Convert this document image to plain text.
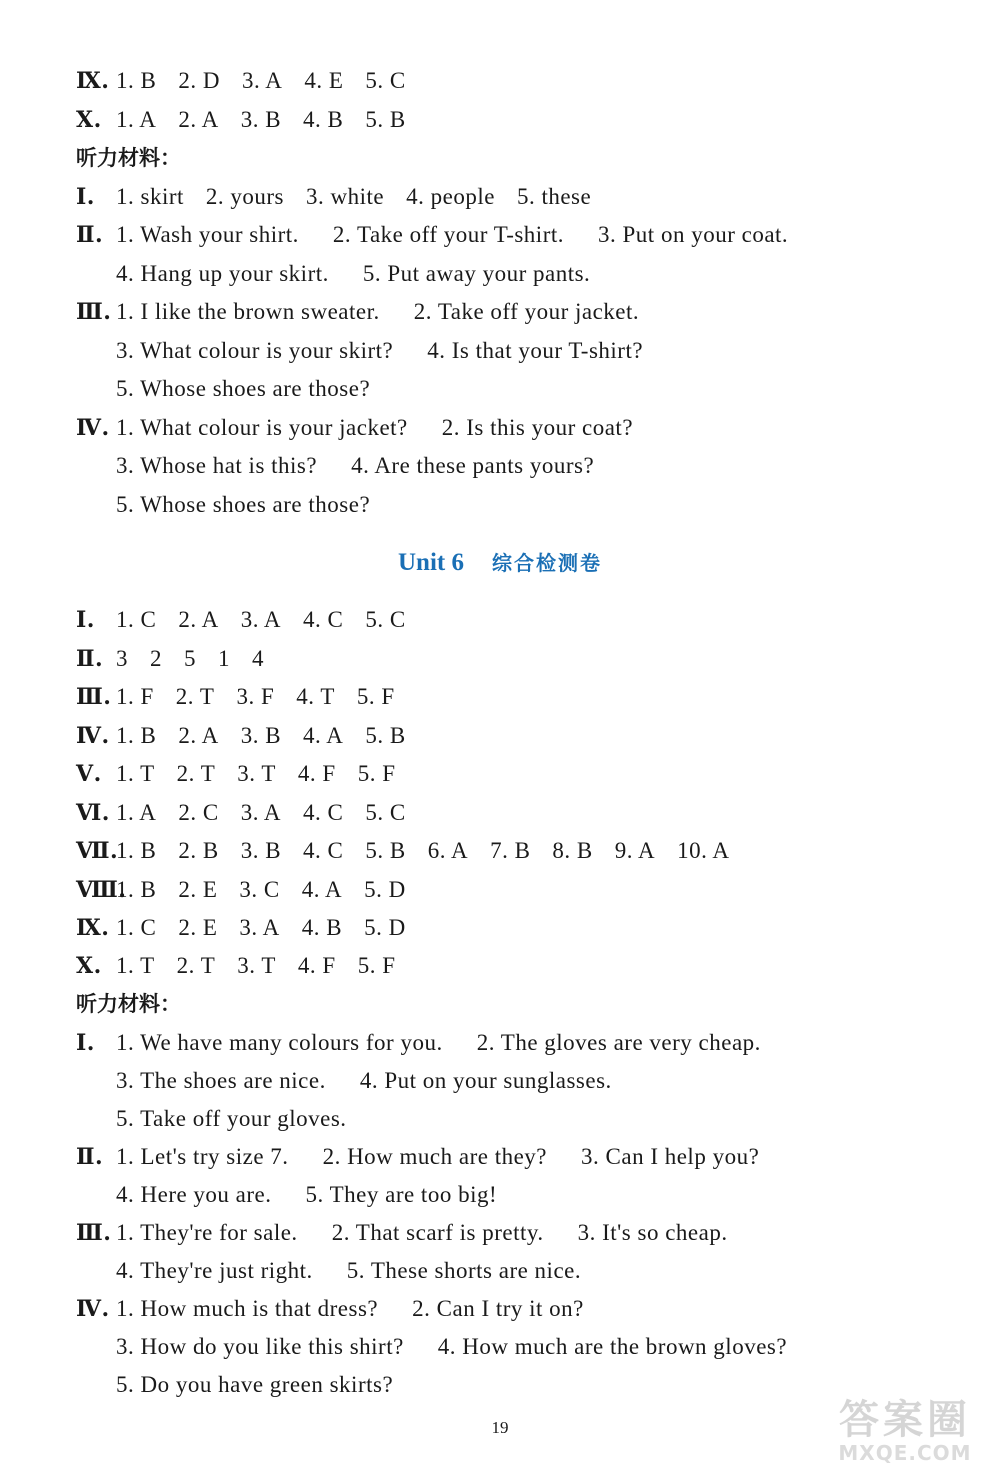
Ⅸ. 1. B 2. D 3. A 4. E 5. C
Ⅹ. 1. A 2. A 3. B 4. B 5. B
听力材料：
Ⅰ. 1. skirt 2. yours 3. white 4. people 5. these
Ⅱ. 1. Wash your shirt. 2. Take off your T-shirt. 3. Put on your coat.
4. Hang up your skirt. 5. Put away your pants.
Ⅲ. 1. I like the brown sweater. 2. Take off your jacket.
3. What colour is your skirt? 4. Is that your T-shirt?
5. Whose shoes are those?
Ⅳ. 1. What colour is your jacket? 2. Is this your coat?
3. Whose hat is this? 4. Are these pants yours?
5. Whose shoes are those?
Unit 6 综合检测卷
Ⅰ. 1. C 2. A 3. A 4. C 5. C
Ⅱ. 3 2 5 1 4
Ⅲ. 1. F 2. T 3. F 4. T 5. F
Ⅳ. 1. B 2. A 3. B 4. A 5. B
Ⅴ. 1. T 2. T 3. T 4. F 5. F
Ⅵ. 1. A 2. C 3. A 4. C 5. C
Ⅶ.1. B 2. B 3. B 4. C 5. B 6. A 7. B 8. B 9. A 10. A
Ⅷ.1. B 2. E 3. C 4. A 5. D
Ⅸ. 1. C 2. E 3. A 4. B 5. D
Ⅹ. 1. T 2. T 3. T 4. F 5. F
听力材料：
Ⅰ. 1. We have many colours for you. 2. The gloves are very cheap.
3. The shoes are nice. 4. Put on your sunglasses.
5. Take off your gloves.
Ⅱ. 1. Let's try size 7. 2. How much are they? 3. Can I help you?
4. Here you are. 5. They are too big!
Ⅲ. 1. They're for sale. 2. That scarf is pretty. 3. It's so cheap.
4. They're just right. 5. These shorts are nice.
Ⅳ. 1. How much is that dress? 2. Can I try it on?
3. How do you like this shirt? 4. How much are the brown gloves?
5. Do you have green skirts?
19	答案圈
MXQE.COM
